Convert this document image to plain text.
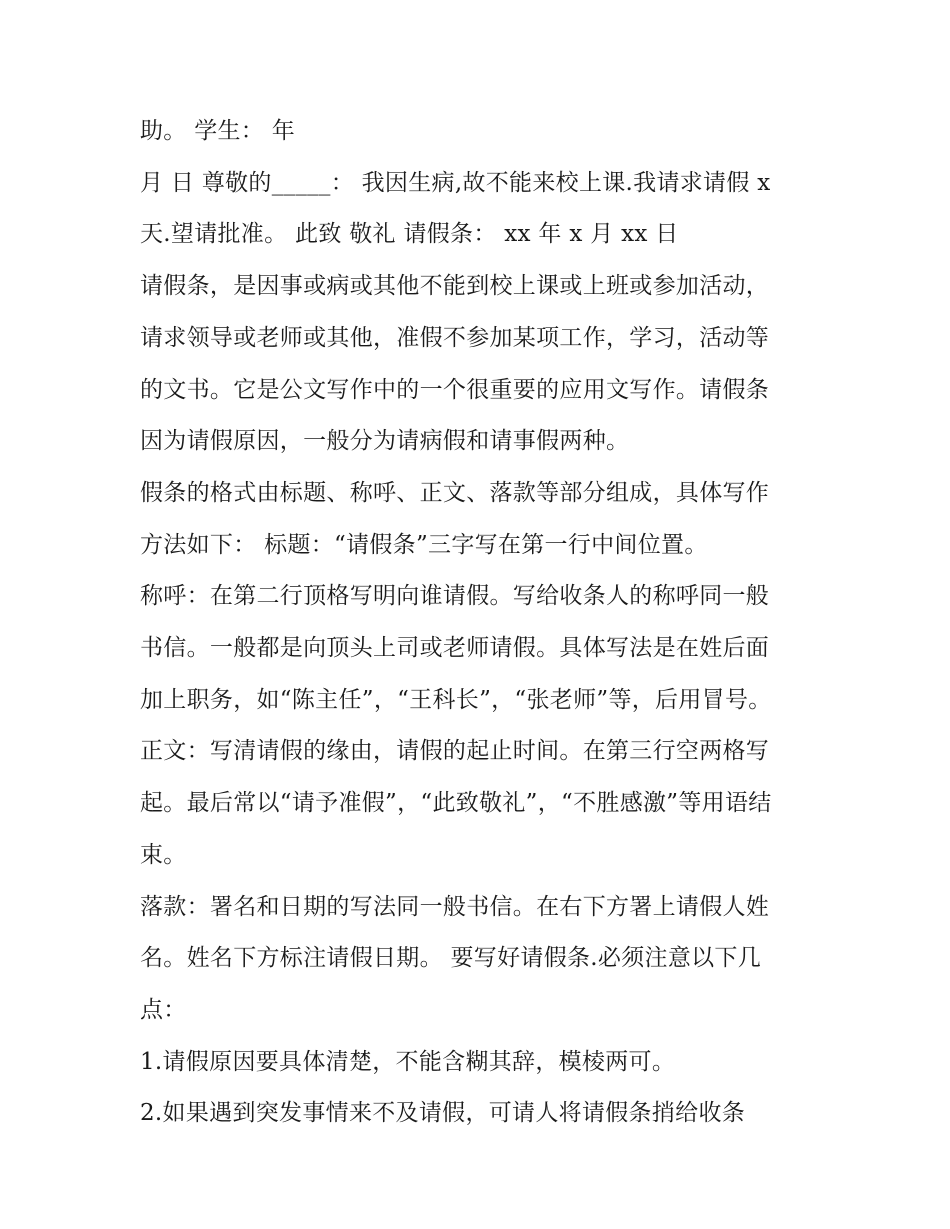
助。 学生： 年
月 日 尊敬的_____： 我因生病,故不能来校上课.我请求请假 x
天.望请批准。 此致 敬礼 请假条： xx 年 x 月 xx 日
请假条，是因事或病或其他不能到校上课或上班或参加活动，
请求领导或老师或其他，准假不参加某项工作，学习，活动等
的文书。它是公文写作中的一个很重要的应用文写作。请假条
因为请假原因，一般分为请病假和请事假两种。
假条的格式由标题、称呼、正文、落款等部分组成，具体写作
方法如下： 标题：“请假条”三字写在第一行中间位置。
称呼：在第二行顶格写明向谁请假。写给收条人的称呼同一般
书信。一般都是向顶头上司或老师请假。具体写法是在姓后面
加上职务，如“陈主任”，“王科长”，“张老师”等，后用冒号。
正文：写清请假的缘由，请假的起止时间。在第三行空两格写
起。最后常以“请予准假”，“此致敬礼”，“不胜感激”等用语结
束。
落款：署名和日期的写法同一般书信。在右下方署上请假人姓
名。姓名下方标注请假日期。 要写好请假条.必须注意以下几
点：
1.请假原因要具体清楚，不能含糊其辞，模棱两可。
2.如果遇到突发事情来不及请假，可请人将请假条捎给收条
